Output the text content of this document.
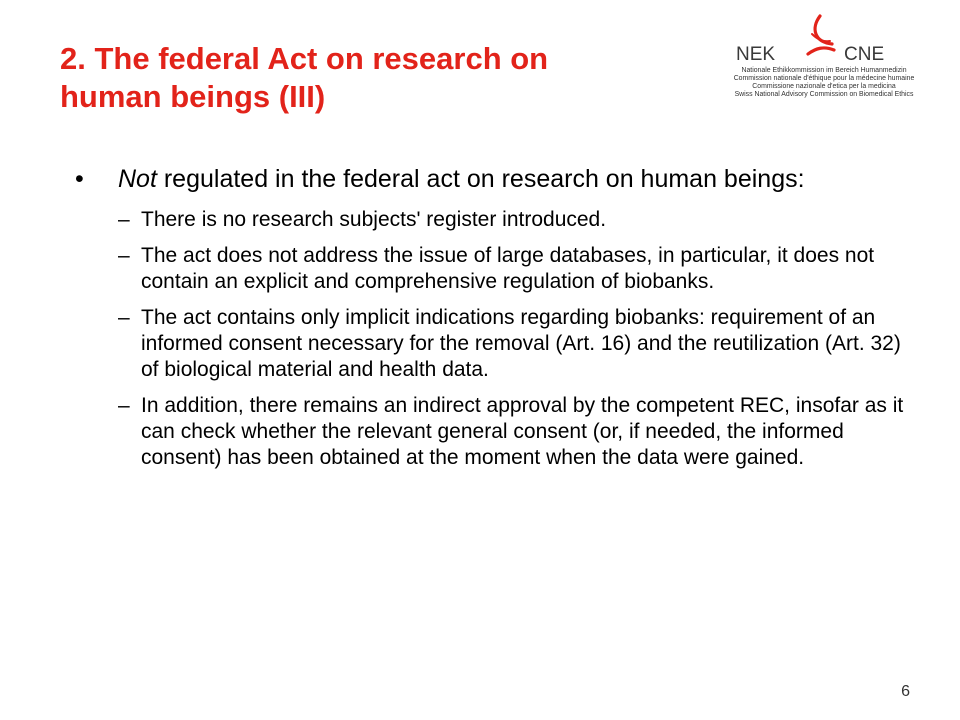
2. The federal Act on research on
human beings (III)
NEK	CNE
Nationale Ethikkommission im Bereich Humanmedizin
Commission nationale d'éthique pour la médecine humaine
Commissione nazionale d'etica per la medicina
Swiss National Advisory Commission on Biomedical Ethics
• Not regulated in the federal act on research on human beings:
– There is no research subjects' register introduced.
– The act does not address the issue of large databases, in particular, it does not contain an explicit and comprehensive regulation of biobanks.
– The act contains only implicit indications regarding biobanks: requirement of an informed consent necessary for the removal (Art. 16) and the reutilization (Art. 32) of biological material and health data.
– In addition, there remains an indirect approval by the competent REC, insofar as it can check whether the relevant general consent (or, if needed, the informed consent) has been obtained at the moment when the data were gained.
6
